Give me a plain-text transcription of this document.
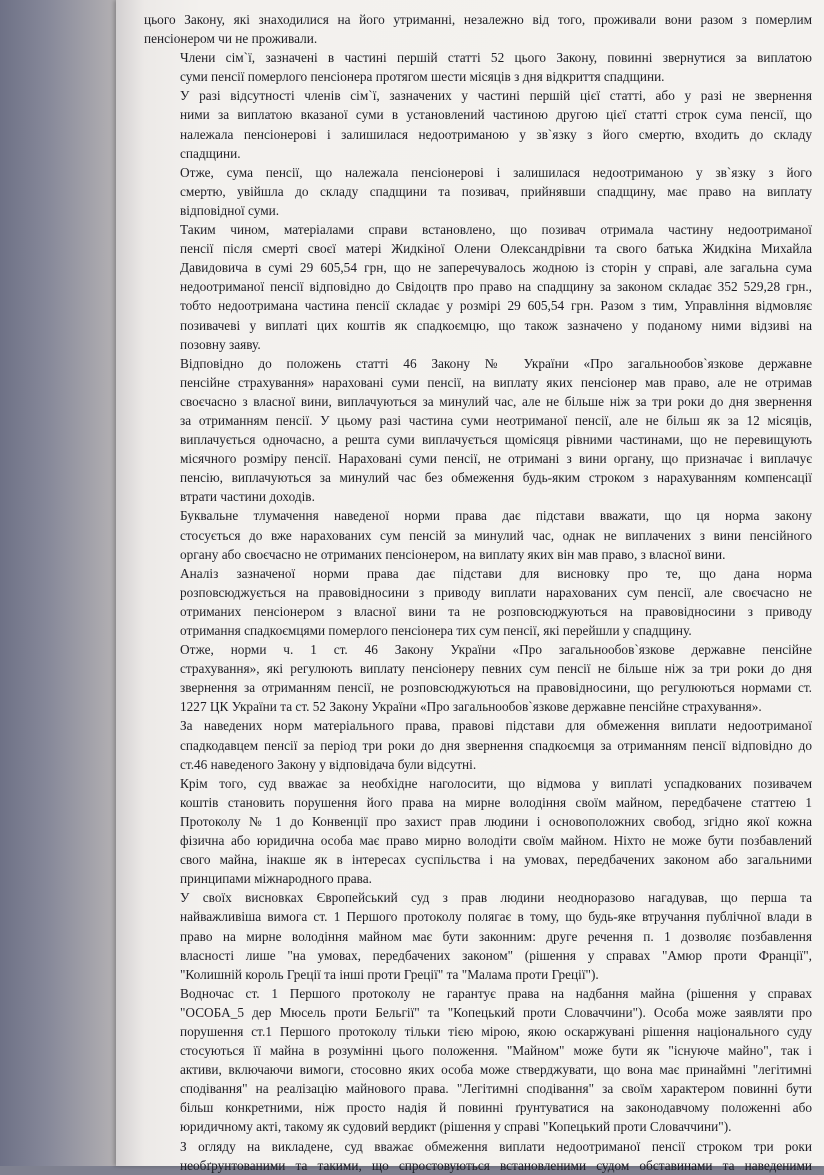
цього Закону, які знаходилися на його утриманні, незалежно від того, проживали вони разом з померлим
пенсіонером чи не проживали.

Члени сім`ї, зазначені в частині першій статті 52 цього Закону, повинні звернутися за виплатою
суми пенсії померлого пенсіонера протягом шести місяців з дня відкриття спадщини.

У разі відсутності членів сім`ї, зазначених у частині першій цієї статті, або у разі не звернення
ними за виплатою вказаної суми в установлений частиною другою цієї статті строк сума пенсії, що
належала пенсіонерові і залишилася недоотриманою у зв`язку з його смертю, входить до складу
спадщини.

Отже, сума пенсії, що належала пенсіонерові і залишилася недоотриманою у зв`язку з його
смертю, увійшла до складу спадщини та позивач, прийнявши спадщину, має право на виплату
відповідної суми.

Таким чином, матеріалами справи встановлено, що позивач отримала частину недоотриманої
пенсії після смерті своєї матері Жидкіної Олени Олександрівни та свого батька Жидкіна Михайла
Давидовича в сумі 29 605,54 грн, що не заперечувалось жодною із сторін у справі, але загальна сума
недоотриманої пенсії відповідно до Свідоцтв про право на спадщину за законом складає 352 529,28 грн.,
тобто недоотримана частина пенсії складає у розмірі 29 605,54 грн. Разом з тим, Управління відмовляє
позивачеві у виплаті цих коштів як спадкоємцю, що також зазначено у поданому ними відзиві на
позовну заяву.

Відповідно до положень статті 46 Закону № України «Про загальнообов`язкове державне
пенсійне страхування» нараховані суми пенсії, на виплату яких пенсіонер мав право, але не отримав
своєчасно з власної вини, виплачуються за минулий час, але не більше ніж за три роки до дня звернення
за отриманням пенсії. У цьому разі частина суми неотриманої пенсії, але не більш як за 12 місяців,
виплачується одночасно, а решта суми виплачується щомісяця рівними частинами, що не перевищують
місячного розміру пенсії. Нараховані суми пенсії, не отримані з вини органу, що призначає і виплачує
пенсію, виплачуються за минулий час без обмеження будь-яким строком з нарахуванням компенсації
втрати частини доходів.

Буквальне тлумачення наведеної норми права дає підстави вважати, що ця норма закону
стосується до вже нарахованих сум пенсій за минулий час, однак не виплачених з вини пенсійного
органу або своєчасно не отриманих пенсіонером, на виплату яких він мав право, з власної вини.

Аналіз зазначеної норми права дає підстави для висновку про те, що дана норма
розповсюджується на правовідносини з приводу виплати нарахованих сум пенсії, але своєчасно не
отриманих пенсіонером з власної вини та не розповсюджуються на правовідносини з приводу
отримання спадкоємцями померлого пенсіонера тих сум пенсії, які перейшли у спадщину.

Отже, норми ч. 1 ст. 46 Закону України «Про загальнообов`язкове державне пенсійне
страхування», які регулюють виплату пенсіонеру певних сум пенсії не більше ніж за три роки до дня
звернення за отриманням пенсії, не розповсюджуються на правовідносини, що регулюються нормами ст.
1227 ЦК України та ст. 52 Закону України «Про загальнообов`язкове державне пенсійне страхування».

За наведених норм матеріального права, правові підстави для обмеження виплати недоотриманої
спадкодавцем пенсії за період три роки до дня звернення спадкоємця за отриманням пенсії відповідно до
ст.46 наведеного Закону у відповідача були відсутні.

Крім того, суд вважає за необхідне наголосити, що відмова у виплаті успадкованих позивачем
коштів становить порушення його права на мирне володіння своїм майном, передбачене статтею 1
Протоколу № 1 до Конвенції про захист прав людини і основоположних свобод, згідно якої кожна
фізична або юридична особа має право мирно володіти своїм майном. Ніхто не може бути позбавлений
свого майна, інакше як в інтересах суспільства і на умовах, передбачених законом або загальними
принципами міжнародного права.

У своїх висновках Європейський суд з прав людини неодноразово нагадував, що перша та
найважливіша вимога ст. 1 Першого протоколу полягає в тому, що будь-яке втручання публічної влади в
право на мирне володіння майном має бути законним: друге речення п. 1 дозволяє позбавлення
власності лише "на умовах, передбачених законом" (рішення у справах "Амюр проти Франції",
"Колишній король Греції та інші проти Греції" та "Малама проти Греції").

Водночас ст. 1 Першого протоколу не гарантує права на надбання майна (рішення у справах
"ОСОБА_5 дер Мюсель проти Бельгії" та "Копецький проти Словаччини"). Особа може заявляти про
порушення ст.1 Першого протоколу тільки тією мірою, якою оскаржувані рішення національного суду
стосуються її майна в розумінні цього положення. "Майном" може бути як "існуюче майно", так і
активи, включаючи вимоги, стосовно яких особа може стверджувати, що вона має принаймні "легітимні
сподівання" на реалізацію майнового права. "Легітимні сподівання" за своїм характером повинні бути
більш конкретними, ніж просто надія й повинні ґрунтуватися на законодавчому положенні або
юридичному акті, такому як судовий вердикт (рішення у справі "Копецький проти Словаччини").

З огляду на викладене, суд вважає обмеження виплати недоотриманої пенсії строком три роки
необґрунтованими та такими, що спростовуються встановленими судом обставинами та наведеними
